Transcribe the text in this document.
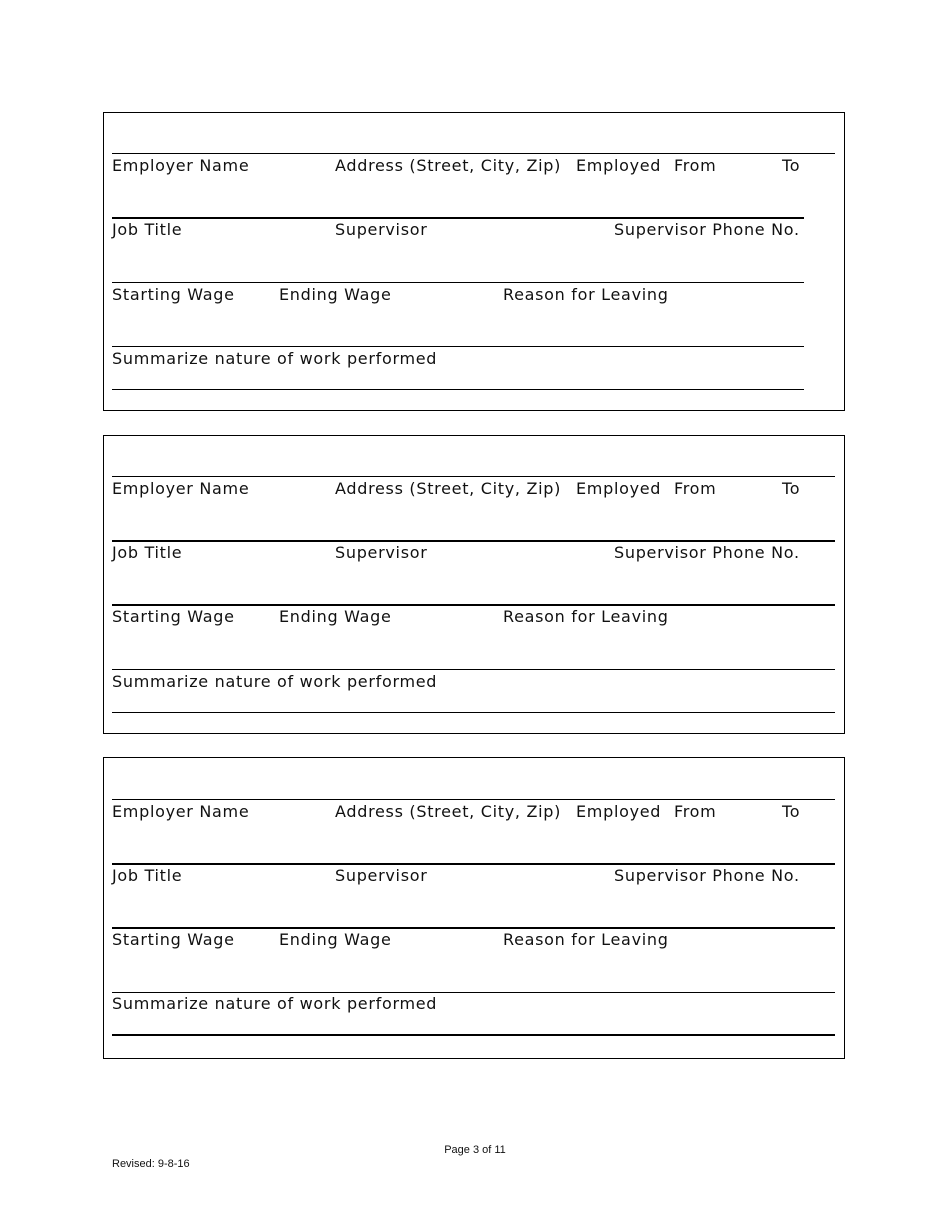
Employer Name	Address (Street, City, Zip) Employed From	To
Job Title	Supervisor	Supervisor Phone No.
Starting Wage	Ending Wage	Reason for Leaving
Summarize nature of work performed
Employer Name	Address (Street, City, Zip) Employed From	To
Job Title	Supervisor	Supervisor Phone No.
Starting Wage	Ending Wage	Reason for Leaving
Summarize nature of work performed
Employer Name	Address (Street, City, Zip) Employed From	To
Job Title	Supervisor	Supervisor Phone No.
Starting Wage	Ending Wage	Reason for Leaving
Summarize nature of work performed
Page 3 of 11
Revised: 9-8-16
